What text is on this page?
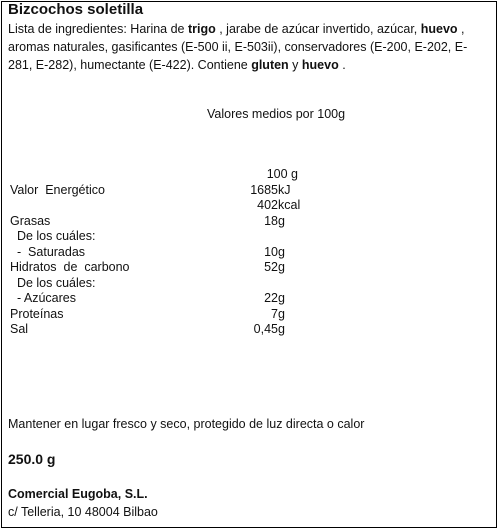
Bizcochos soletilla
Lista de ingredientes: Harina de trigo , jarabe de azúcar invertido, azúcar, huevo , aromas naturales, gasificantes (E-500 ii, E-503ii), conservadores (E-200, E-202, E-281, E-282), humectante (E-422). Contiene gluten y huevo .
Valores medios por 100g
100 g
Valor  Energético	1685 kJ
402 kcal
Grasas	18 g
De los cuáles:
-  Saturadas	10 g
Hidratos  de  carbono	52 g
De los cuáles:
- Azúcares	22 g
Proteínas	7 g
Sal	0,45 g
Mantener en lugar fresco y seco, protegido de luz directa o calor
250.0 g
Comercial Eugoba, S.L.
c/ Telleria, 10 48004 Bilbao
